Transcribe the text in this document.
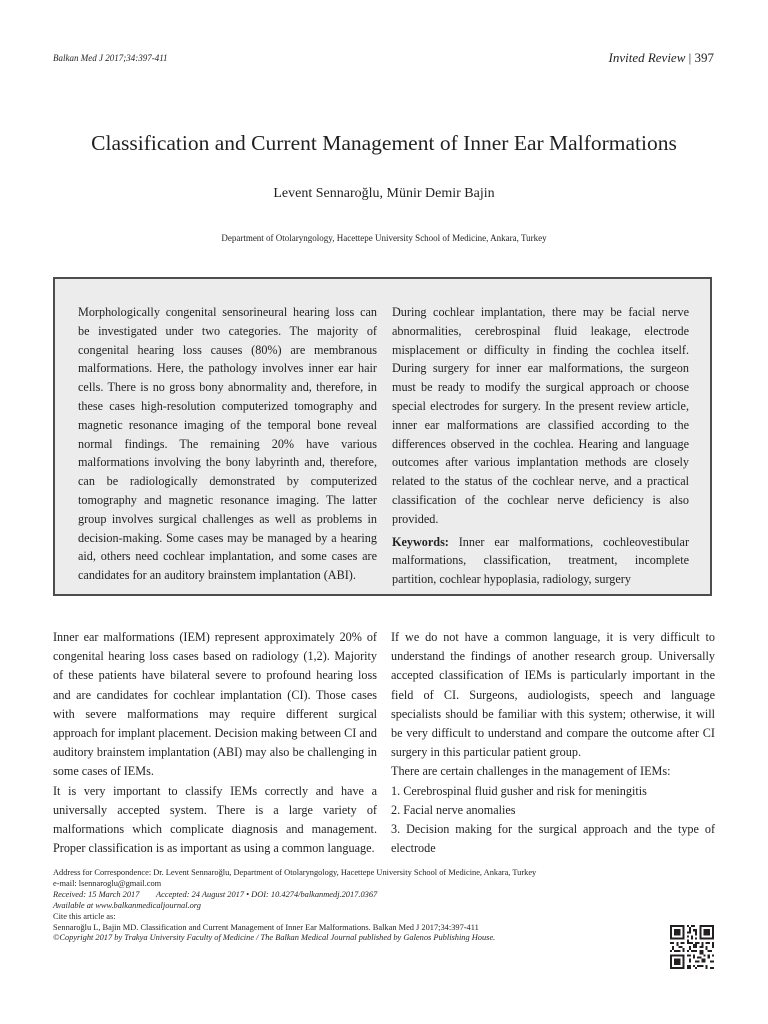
Balkan Med J 2017;34:397-411	Invited Review | 397
Classification and Current Management of Inner Ear Malformations
Levent Sennaroğlu, Münir Demir Bajin
Department of Otolaryngology, Hacettepe University School of Medicine, Ankara, Turkey
Morphologically congenital sensorineural hearing loss can be investigated under two categories. The majority of congenital hearing loss causes (80%) are membranous malformations. Here, the pathology involves inner ear hair cells. There is no gross bony abnormality and, therefore, in these cases high-resolution computerized tomography and magnetic resonance imaging of the temporal bone reveal normal findings. The remaining 20% have various malformations involving the bony labyrinth and, therefore, can be radiologically demonstrated by computerized tomography and magnetic resonance imaging. The latter group involves surgical challenges as well as problems in decision-making. Some cases may be managed by a hearing aid, others need cochlear implantation, and some cases are candidates for an auditory brainstem implantation (ABI).
During cochlear implantation, there may be facial nerve abnormalities, cerebrospinal fluid leakage, electrode misplacement or difficulty in finding the cochlea itself. During surgery for inner ear malformations, the surgeon must be ready to modify the surgical approach or choose special electrodes for surgery. In the present review article, inner ear malformations are classified according to the differences observed in the cochlea. Hearing and language outcomes after various implantation methods are closely related to the status of the cochlear nerve, and a practical classification of the cochlear nerve deficiency is also provided.
Keywords: Inner ear malformations, cochleovestibular malformations, classification, treatment, incomplete partition, cochlear hypoplasia, radiology, surgery

Inner ear malformations (IEM) represent approximately 20% of congenital hearing loss cases based on radiology (1,2). Majority of these patients have bilateral severe to profound hearing loss and are candidates for cochlear implantation (CI). Those cases with severe malformations may require different surgical approach for implant placement. Decision making between CI and auditory brainstem implantation (ABI) may also be challenging in some cases of IEMs.

It is very important to classify IEMs correctly and have a universally accepted system. There is a large variety of malformations which complicate diagnosis and management. Proper classification is as important as using a common language.

If we do not have a common language, it is very difficult to understand the findings of another research group. Universally accepted classification of IEMs is particularly important in the field of CI. Surgeons, audiologists, speech and language specialists should be familiar with this system; otherwise, it will be very difficult to understand and compare the outcome after CI surgery in this particular patient group.

There are certain challenges in the management of IEMs:

1. Cerebrospinal fluid gusher and risk for meningitis

2. Facial nerve anomalies

3. Decision making for the surgical approach and the type of electrode

Address for Correspondence: Dr. Levent Sennaroğlu, Department of Otolaryngology, Hacettepe University School of Medicine, Ankara, Turkey
e-mail: lsennaroglu@gmail.com
Received: 15 March 2017        Accepted: 24 August 2017 • DOI: 10.4274/balkanmedj.2017.0367
Available at www.balkanmedicaljournal.org
Cite this article as:
Sennaroğlu L, Bajin MD. Classification and Current Management of Inner Ear Malformations. Balkan Med J 2017;34:397-411
©Copyright 2017 by Trakya University Faculty of Medicine / The Balkan Medical Journal published by Galenos Publishing House.
